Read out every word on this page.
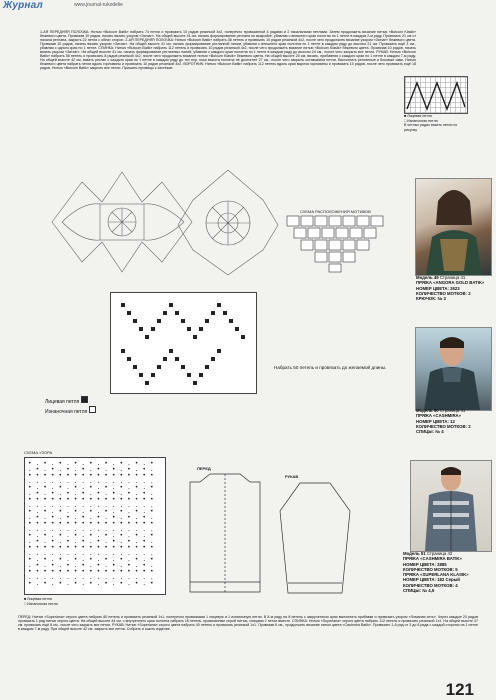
Журнал	www.journal-rukodelie
1-АЯ ПЕРЕДНЯЯ ПОЛОЧКА: Нитью «Butcum Batik» набрать 74 петли и провязать 10 рядов резинкой 4х2, поперечно провязанной 4 рядами и 2 начальными петлями. Затем продолжить вязание нитью «Butcum Klasik» бежевого цвета. Провязав 10 рядов, начать вязать узором «Зигзаг». На общей высоте 41 см. начать формирование реглана по выкройке, убавляя с внешнего края полотна по 1 петле в каждом 2-м ряду. Провязать 21 см от начала реглана, закрыть 22 петли с обеих сторон. 2-АЯ ПЕРЕДНЯЯ ПОЛОЧКА: Нитью «Butcum Batik» набрать 36 петель и провязать 10 рядов резинкой 4х2, после чего продолжить вязание узором «Зигзаг» бежевого цвета. Провязав 10 рядов, начать вязать узором «Зигзаг». На общей высоте 41 см. начать формирование регланной линии, убавляя с внешнего края полотна по 1 петле в каждом ряду до высоты 21 см. Провязать ещё 3 см., убавляя с одного края по 1 петле. СПИНКА: Нитью «Butcum Batik» набрать 112 петель и провязать 10 рядов резинкой 4х2, после чего продолжить вязание нитью «Butcum Klasik» бежевого цвета. Провязав 10 рядов, начать вязать узором «Зигзаг». На общей высоте 41 см. начать формирование регланных линий, убавляя с каждого края полотна по 1 петле в каждом ряду до высоты 24 см., после чего закрыть все петли. РУКАВ: Нитью «Butcum Batik» набрать 56 петель и провязать 8 рядов резинкой 4х2, после чего продолжить вязание нитью «Butcum Klasik» бежевого цвета. На общей высоте 20 см. вязать, прибавляя с каждого края по 1 петле в каждом 7-м ряду. На общей высоте 42 см. вязать реглан с каждого края по 1 петле в каждом ряду до тех пор, пока высота полотна не достигнет 27 см., после чего закрыть оставшиеся петли. Выполнить регланные и боковые швы. Нитью бежевого цвета набрать петли вдоль горловины и провязать 10 рядов резинкой 4х2. ВОРОТНИК: Нитью «Butcum Batik» набрать 112 петель вдоль края выреза горловины и провязать 10 рядов, после чего провязать ещё 18 рядов. Нитью «Butcum Batik» закрыть все петли. Пришить пуговицы к застёжке.
■ Лицевая петля
□ Изнаночная петля
В четных рядах вязать петли по рисунку
СХЕМА РАСПОЛОЖЕНИЯ МОТИВОВ
Набрать 50 петель и провязать до желаемой длины.
Лицевая петля
Изнаночная петля
СХЕМА УЗОРА
• . • . • . • . • . • . • . • . •
. • . • . • . • . • . • . • . • .
• • • • • • • • • • • • • • • • •
. . . . . . . . . . . . . . . . .
• . • . • . • . • . • . • . • . •
. • . • . • . • . • . • . • . • .
• • • • • • • • • • • • • • • • •
. . . . . . . . . . . . . . . . .
• . • . • . • . • . • . • . • . •
. • . • . • . • . • . • . • . • .
• • • • • • • • • • • • • • • • •
. . . . . . . . . . . . . . . . .
• . • . • . • . • . • . • . • . •
. • . • . • . • . • . • . • . • .
• • • • • • • • • • • • • • • • •
. . . . . . . . . . . . . . . . .
• . • . • . • . • . • . • . • . •
. • . • . • . • . • . • . • . • .
• • • • • • • • • • • • • • • • •
. . . . . . . . . . . . . . . . .
• . • . • . • . • . • . • . • . •
■ Лицевая петля
□ Изнаночная петля
ПЕРЕД
РУКАВ
Модель 49 Страница 41
ПРЯЖА «ANGORA GOLD BATIK»
НОМЕР ЦВЕТА: 2623
КОЛИЧЕСТВО МОТКОВ: 2
КРЮЧОК: № 3
Модель 50 Страница 41
ПРЯЖА «CASHMIRA»
НОМЕР ЦВЕТА: 12
КОЛИЧЕСТВО МОТКОВ: 2
СПИЦЫ: № 4
Модель 51 Страница 42
ПРЯЖА «CASHMIRA BATIK»
НОМЕР ЦВЕТА: 2885
КОЛИЧЕСТВО МОТКОВ: 5
ПРЯЖА «SUPERLANA KLASIK»
НОМЕР ЦВЕТА: 182 Серый
КОЛИЧЕСТВО МОТКОВ: 4
СПИЦЫ: № 4,5
ПЕРЕД: Нитью «Superlana» серого цвета набрать 80 петель и провязать резинкой 1х1, поперечно провязывая 1 лицевую и 1 изнаночную петли. В 8-м ряду на 8 петель с закрученного края выполнить прибавки и провязать узором «Ломаная сеть». Через каждые 20 рядов провязать 1 ряд нитью серого цвета. На общей высоте 44 см. с внутреннего края полотна набрать 16 петель, провязанные серой нитью, спицами 2 петли вместе. СПИНКА: Нитью «Superlana» серого цвета набрать 112 петель и провязать резинкой 1х1. На общей высоте 37 см. провязать ещё 6 см., после чего закрыть все петли. РУКАВ: Нитью «Superlana» серого цвета набрать 40 петель и провязать резинкой 1х1. Провязав 6 см., продолжить вязание нитью цвета «Cashmira Batik». Провязать 1-й ряд от 3 до 8 ряда с каждой стороны на 1 петле в каждом 7-м ряду. При общей высоте 42 см. закрыть все петли. Собрать и сшить изделие.
121
